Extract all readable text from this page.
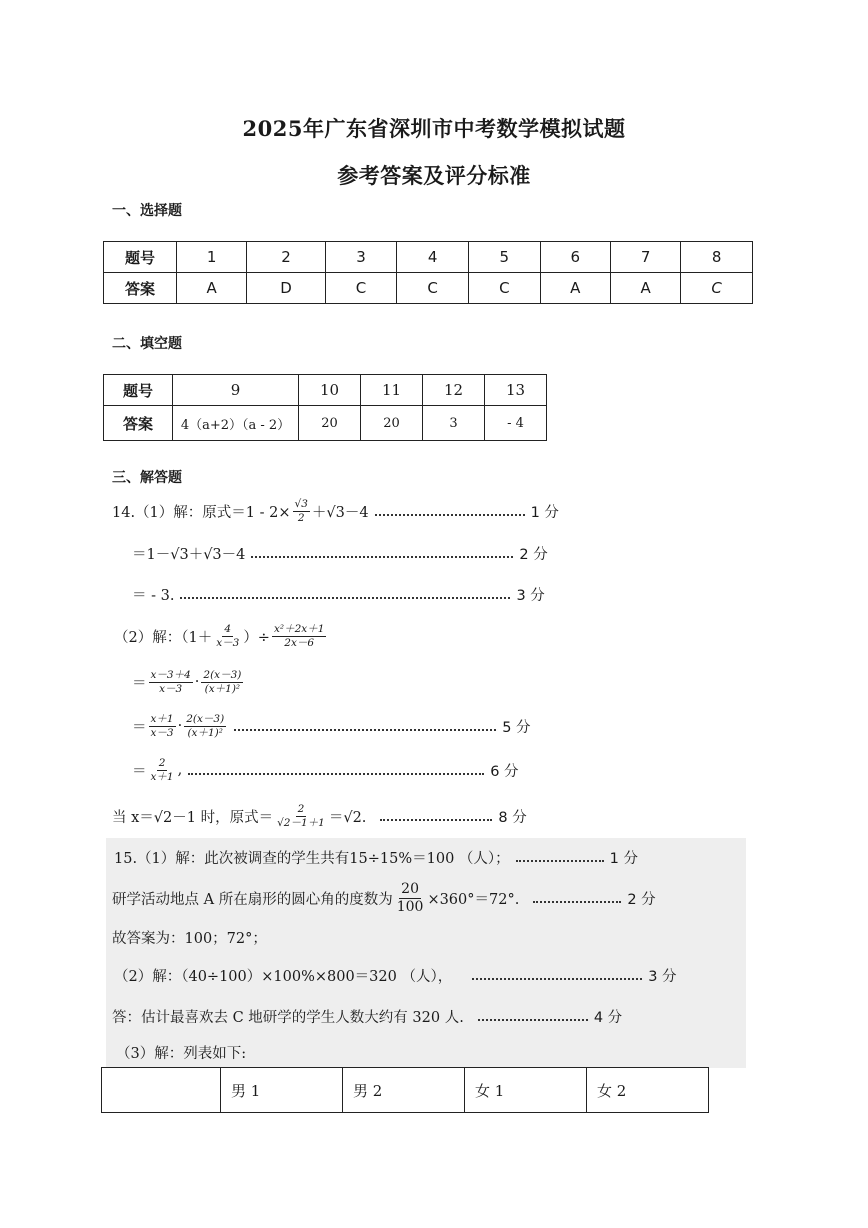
2025年广东省深圳市中考数学模拟试题
参考答案及评分标准
一、选择题
题号	1	2	3	4	5	6	7	8
答案	A	D	C	C	C	A	A	C
二、填空题
题号	9	10	11	12	13
答案	4（a+2）（a - 2）	20	20	3	- 4
三、解答题
14.（1）解：原式$=1 - 2\times \frac{√3}{2} +√3-4$	1 分
＝1－√3＋√3－4	2 分
＝ - 3.	3 分
（2）解：（$1+ \frac{4}{x-3}$ ）÷ $\frac{\text{x²＋2x＋1}}{2x-6}$
＝ $\frac{x-3+4}{x-3} \cdot \frac{2(x-3)}{\text{(x＋1)²}}$
＝ $\frac{x+1}{x-3} \cdot \frac{2(x-3)}{\text{(x＋1)²}}$	5 分
＝ $\frac{2}{x+1}$ ,	6 分
当 x＝√2－1 时，原式＝ $\frac{2}{√2-1+1} =√2$.	8 分
15.（1）解：此次被调查的学生共有15÷15%＝100 （人）；	1 分
研学活动地点 A 所在扇形的圆心角的度数为 $\frac{20}{100} \times 360^\circ=72^\circ$.	2 分
故答案为：100；72°；
（2）解：（40÷100）×100%×800＝320 （人），	3 分
答：估计最喜欢去 C 地研学的学生人数大约有 320 人.	4 分
（3）解：列表如下:
	男 1	男 2	女 1	女 2
